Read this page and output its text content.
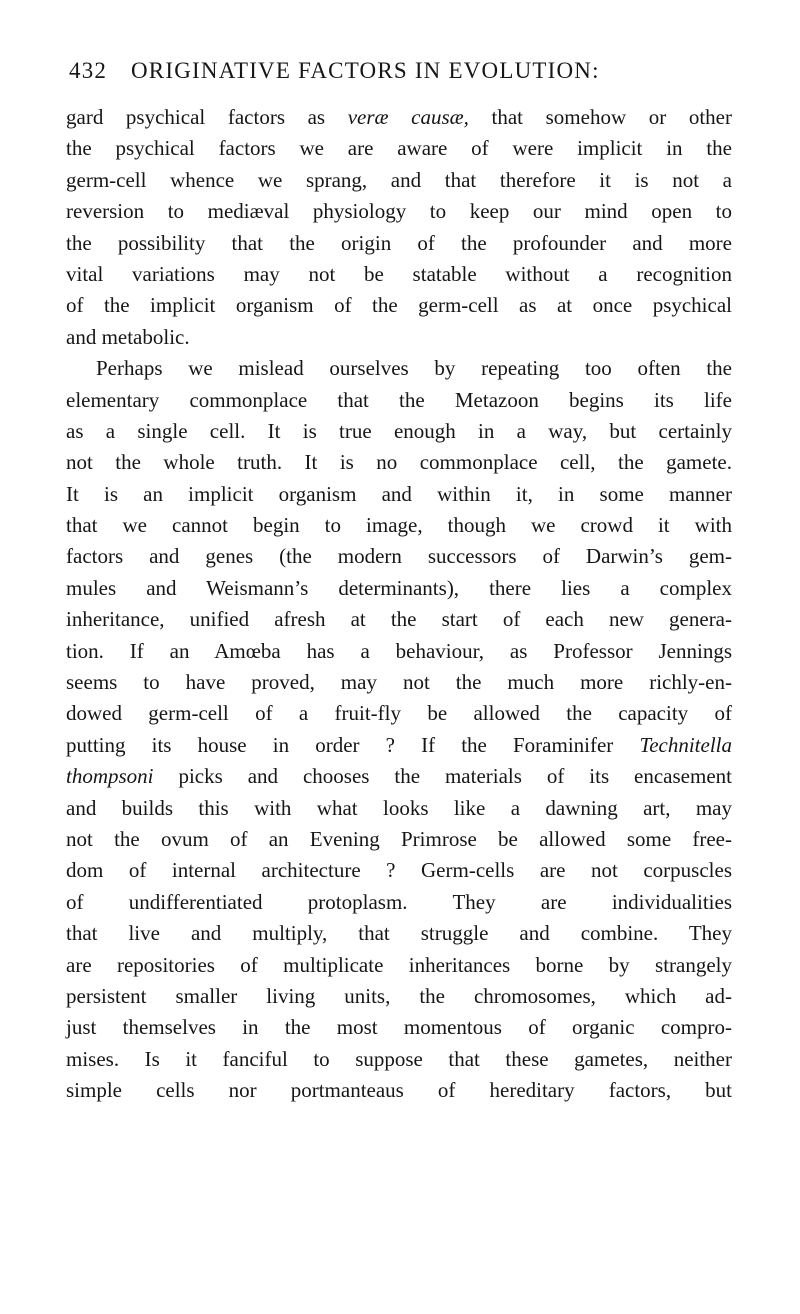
432 ORIGINATIVE FACTORS IN EVOLUTION:
gard psychical factors as veræ causæ, that somehow or other
the psychical factors we are aware of were implicit in the
germ-cell whence we sprang, and that therefore it is not a
reversion to mediæval physiology to keep our mind open to
the possibility that the origin of the profounder and more
vital variations may not be statable without a recognition
of the implicit organism of the germ-cell as at once psychical
and metabolic.
Perhaps we mislead ourselves by repeating too often the
elementary commonplace that the Metazoon begins its life
as a single cell. It is true enough in a way, but certainly
not the whole truth. It is no commonplace cell, the gamete.
It is an implicit organism and within it, in some manner
that we cannot begin to image, though we crowd it with
factors and genes (the modern successors of Darwin’s gem-
mules and Weismann’s determinants), there lies a complex
inheritance, unified afresh at the start of each new genera-
tion. If an Amœba has a behaviour, as Professor Jennings
seems to have proved, may not the much more richly-en-
dowed germ-cell of a fruit-fly be allowed the capacity of
putting its house in order ? If the Foraminifer Technitella
thompsoni picks and chooses the materials of its encasement
and builds this with what looks like a dawning art, may
not the ovum of an Evening Primrose be allowed some free-
dom of internal architecture ? Germ-cells are not corpuscles
of undifferentiated protoplasm. They are individualities
that live and multiply, that struggle and combine. They
are repositories of multiplicate inheritances borne by strangely
persistent smaller living units, the chromosomes, which ad-
just themselves in the most momentous of organic compro-
mises. Is it fanciful to suppose that these gametes, neither
simple cells nor portmanteaus of hereditary factors, but
